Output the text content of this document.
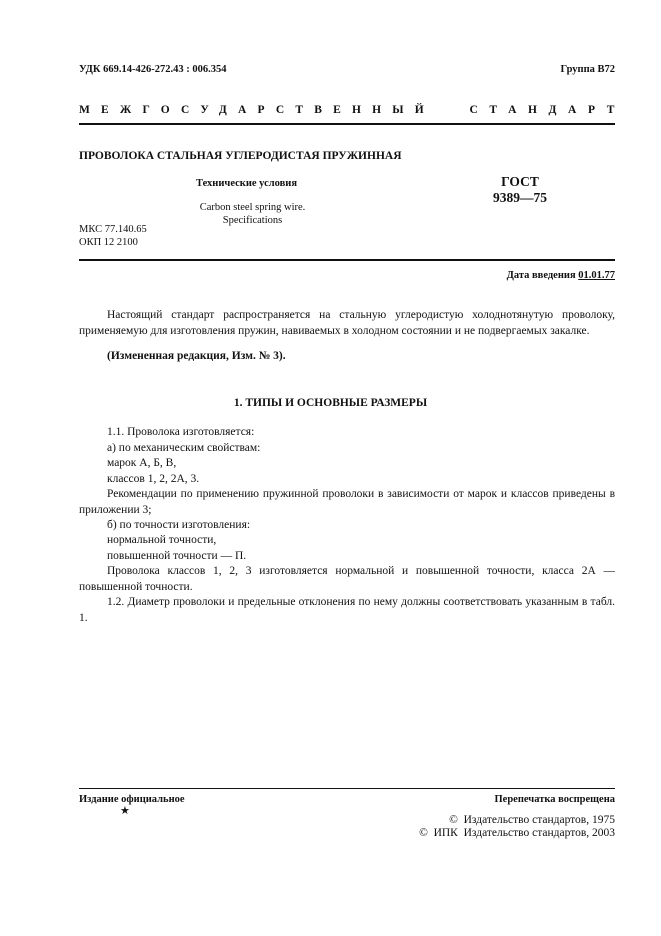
УДК 669.14-426-272.43 : 006.354	Группа В72
МЕЖГОСУДАРСТВЕННЫЙ	СТАНДАРТ
ПРОВОЛОКА СТАЛЬНАЯ УГЛЕРОДИСТАЯ ПРУЖИННАЯ
Технические условия
Carbon steel spring wire.
Specifications
ГОСТ
9389—75
МКС 77.140.65
ОКП 12 2100
Дата введения 01.01.77
Настоящий стандарт распространяется на стальную углеродистую холоднотянутую проволоку, применяемую для изготовления пружин, навиваемых в холодном состоянии и не подвергаемых закалке.
(Измененная редакция, Изм. № 3).
1. ТИПЫ И ОСНОВНЫЕ РАЗМЕРЫ
1.1. Проволока изготовляется:
а) по механическим свойствам:
марок А, Б, В,
классов 1, 2, 2А, 3.
Рекомендации по применению пружинной проволоки в зависимости от марок и классов приведены в приложении 3;
б) по точности изготовления:
нормальной точности,
повышенной точности — П.
Проволока классов 1, 2, 3 изготовляется нормальной и повышенной точности, класса 2А — повышенной точности.
1.2. Диаметр проволоки и предельные отклонения по нему должны соответствовать указанным в табл. 1.
Издание официальное
★
Перепечатка воспрещена
©  Издательство стандартов, 1975
©  ИПК  Издательство стандартов, 2003
